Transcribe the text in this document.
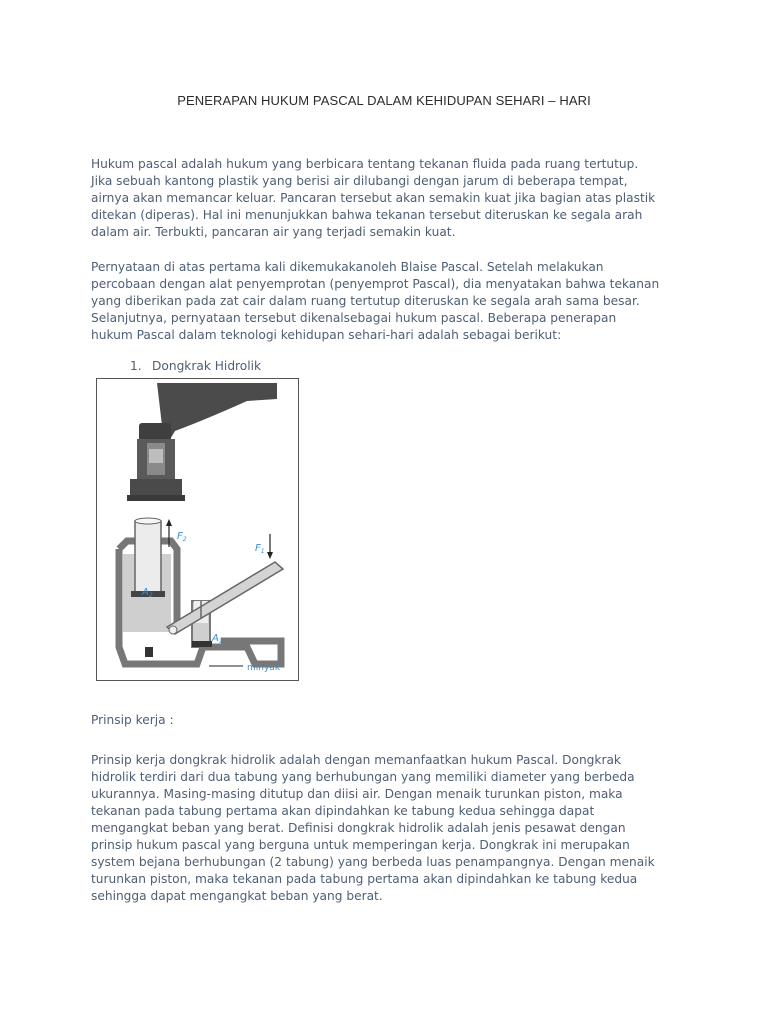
PENERAPAN HUKUM PASCAL DALAM KEHIDUPAN SEHARI – HARI
Hukum pascal adalah hukum yang berbicara tentang tekanan fluida pada ruang tertutup.
Jika sebuah kantong plastik yang berisi air dilubangi dengan jarum di beberapa tempat,
airnya akan memancar keluar. Pancaran tersebut akan semakin kuat jika bagian atas plastik
ditekan (diperas). Hal ini menunjukkan bahwa tekanan tersebut diteruskan ke segala arah
dalam air. Terbukti, pancaran air yang terjadi semakin kuat.
Pernyataan di atas pertama kali dikemukakanoleh Blaise Pascal. Setelah melakukan
percobaan dengan alat penyemprotan (penyemprot Pascal), dia menyatakan bahwa tekanan
yang diberikan pada zat cair dalam ruang tertutup diteruskan ke segala arah sama besar.
Selanjutnya, pernyataan tersebut dikenalsebagai hukum pascal. Beberapa penerapan
hukum Pascal dalam teknologi kehidupan sehari-hari adalah sebagai berikut:
1. Dongkrak Hidrolik
$F_2$
$F_1$
$A_2$
$A_1$
minyak
Prinsip kerja :
Prinsip kerja dongkrak hidrolik adalah dengan memanfaatkan hukum Pascal. Dongkrak
hidrolik terdiri dari dua tabung yang berhubungan yang memiliki diameter yang berbeda
ukurannya. Masing-masing ditutup dan diisi air. Dengan menaik turunkan piston, maka
tekanan pada tabung pertama akan dipindahkan ke tabung kedua sehingga dapat
mengangkat beban yang berat. Definisi dongkrak hidrolik adalah jenis pesawat dengan
prinsip hukum pascal yang berguna untuk memperingan kerja. Dongkrak ini merupakan
system bejana berhubungan (2 tabung) yang berbeda luas penampangnya. Dengan menaik
turunkan piston, maka tekanan pada tabung pertama akan dipindahkan ke tabung kedua
sehingga dapat mengangkat beban yang berat.
